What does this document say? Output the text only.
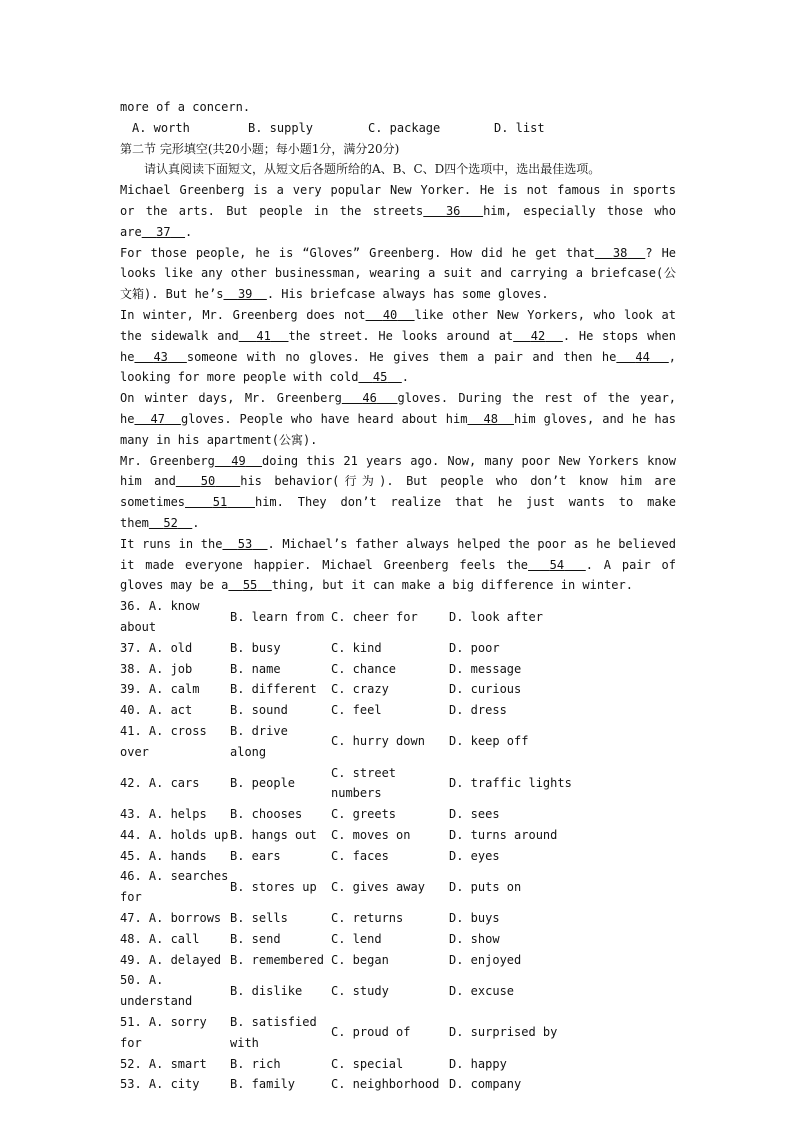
more of a concern.

A. worth	B. supply	C. package	D. list

第二节 完形填空(共20小题；每小题1分，满分20分)

请认真阅读下面短文，从短文后各题所给的A、B、C、D四个选项中，选出最佳选项。

Michael Greenberg is a very popular New Yorker. He is not famous in sports or the arts. But people in the streets 36 him, especially those who are 37 .

For those people, he is “Gloves” Greenberg. How did he get that 38 ? He looks like any other businessman, wearing a suit and carrying a briefcase(公文箱). But he’s 39 . His briefcase always has some gloves.

In winter, Mr. Greenberg does not 40 like other New Yorkers, who look at the sidewalk and 41 the street. He looks around at 42 . He stops when he 43 someone with no gloves. He gives them a pair and then he 44 , looking for more people with cold 45 .

On winter days, Mr. Greenberg 46 gloves. During the rest of the year, he 47 gloves. People who have heard about him 48 him gloves, and he has many in his apartment(公寓).

Mr. Greenberg 49 doing this 21 years ago. Now, many poor New Yorkers know him and 50 his behavior(行为). But people who don’t know him are sometimes 51 him. They don’t realize that he just wants to make them 52 .

It runs in the 53 . Michael’s father always helped the poor as he believed it made everyone happier. Michael Greenberg feels the 54 . A pair of gloves may be a 55 thing, but it can make a big difference in winter.

36. A. know about	B. learn from	C. cheer for	D. look after
37. A. old	B. busy	C. kind	D. poor
38. A. job	B. name	C. chance	D. message
39. A. calm	B. different	C. crazy	D. curious
40. A. act	B. sound	C. feel	D. dress
41. A. cross over	B. drive along	C. hurry down	D. keep off
42. A. cars	B. people	C. street numbers	D. traffic lights
43. A. helps	B. chooses	C. greets	D. sees
44. A. holds up	B. hangs out	C. moves on	D. turns around
45. A. hands	B. ears	C. faces	D. eyes
46. A. searches for	B. stores up	C. gives away	D. puts on
47. A. borrows	B. sells	C. returns	D. buys
48. A. call	B. send	C. lend	D. show
49. A. delayed	B. remembered	C. began	D. enjoyed
50. A. understand	B. dislike	C. study	D. excuse
51. A. sorry for	B. satisfied with	C. proud of	D. surprised by
52. A. smart	B. rich	C. special	D. happy
53. A. city	B. family	C. neighborhood	D. company
